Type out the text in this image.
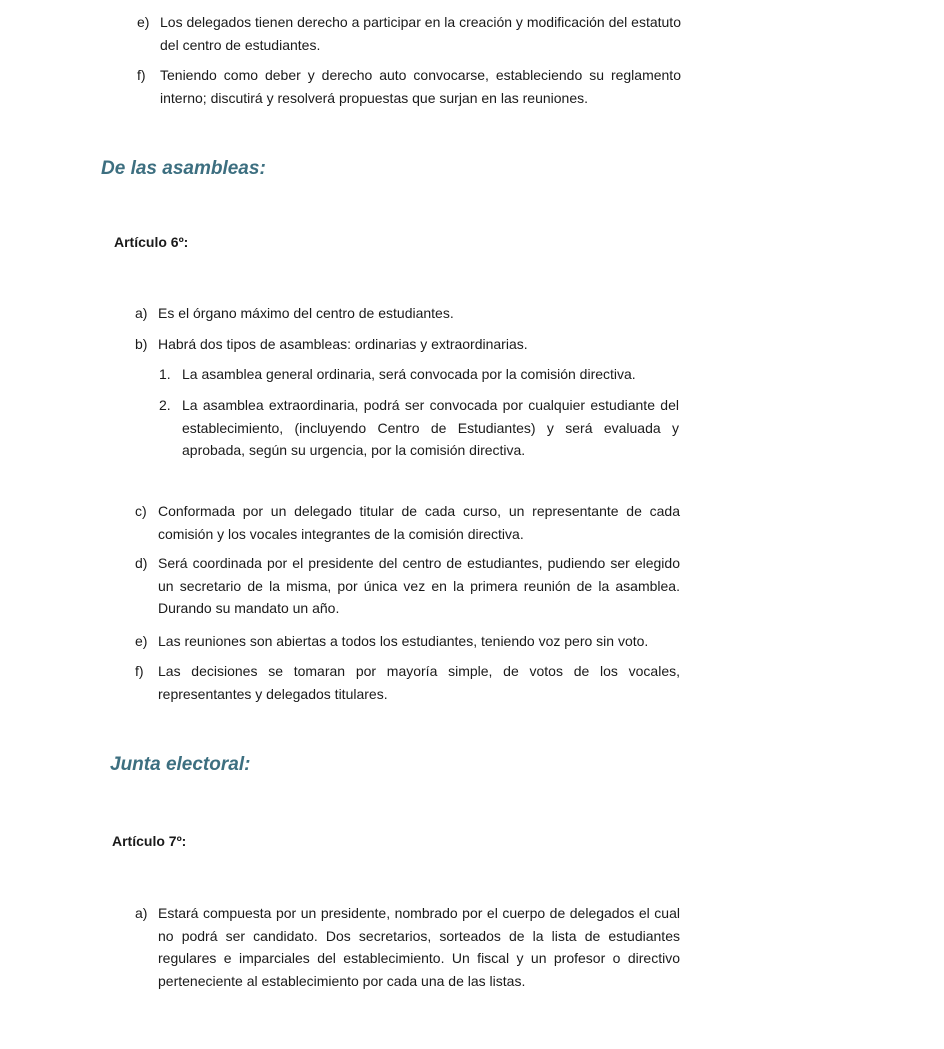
e) Los delegados tienen derecho a participar en la creación y modificación del estatuto del centro de estudiantes.
f)	Teniendo como deber y derecho auto convocarse, estableciendo su reglamento interno; discutirá y resolverá propuestas que surjan en las reuniones.
De las asambleas:
Artículo 6º:
a) Es el órgano máximo del centro de estudiantes.
b) Habrá dos tipos de asambleas: ordinarias y extraordinarias.
1. La asamblea general ordinaria, será convocada por la comisión directiva.
2. La asamblea extraordinaria, podrá ser convocada por cualquier estudiante del establecimiento, (incluyendo Centro de Estudiantes) y será evaluada y aprobada, según su urgencia, por la comisión directiva.
c) Conformada por un delegado titular de cada curso, un representante de cada comisión y los vocales integrantes de la comisión directiva.
d) Será coordinada por el presidente del centro de estudiantes, pudiendo ser elegido un secretario de la misma, por única vez en la primera reunión de la asamblea. Durando su mandato un año.
e) Las reuniones son abiertas a todos los estudiantes, teniendo voz pero sin voto.
f)	Las decisiones se tomaran por mayoría simple, de votos de los vocales, representantes y delegados titulares.
Junta electoral:
Artículo 7º:
a) Estará compuesta por un presidente, nombrado por el cuerpo de delegados el cual no podrá ser candidato. Dos secretarios, sorteados de la lista de estudiantes regulares e imparciales del establecimiento. Un fiscal y un profesor o directivo perteneciente al establecimiento por cada una de las listas.
